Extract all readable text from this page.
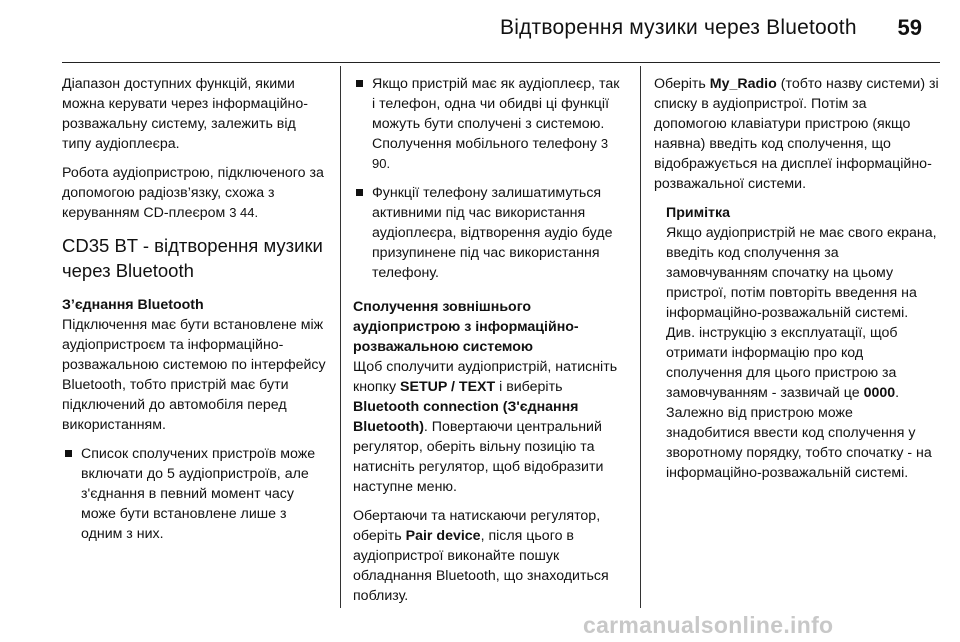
Відтворення музики через Bluetooth 59

Діапазон доступних функцій, якими можна керувати через інформаційно-розважальну систему, залежить від типу аудіоплеєра.

Робота аудіопристрою, підключеного за допомогою радіозв’язку, схожа з керуванням CD-плеєром 3 44.

CD35 BT - відтворення музики через Bluetooth

З’єднання Bluetooth
Підключення має бути встановлене між аудіопристроєм та інформаційно-розважальною системою по інтерфейсу Bluetooth, тобто пристрій має бути підключений до автомобіля перед використанням.

Список сполучених пристроїв може включати до 5 аудіопристроїв, але з'єднання в певний момент часу може бути встановлене лише з одним з них.

Якщо пристрій має як аудіоплеєр, так і телефон, одна чи обидві ці функції можуть бути сполучені з системою. Сполучення мобільного телефону 3 90.

Функції телефону залишатимуться активними під час використання аудіоплеєра, відтворення аудіо буде призупинене під час використання телефону.

Сполучення зовнішнього аудіопристрою з інформаційно-розважальною системою
Щоб сполучити аудіопристрій, натисніть кнопку SETUP / TEXT і виберіть Bluetooth connection (З'єднання Bluetooth). Повертаючи центральний регулятор, оберіть вільну позицію та натисніть регулятор, щоб відобразити наступне меню.

Обертаючи та натискаючи регулятор, оберіть Pair device, після цього в аудіопристрої виконайте пошук обладнання Bluetooth, що знаходиться поблизу.

Оберіть My_Radio (тобто назву системи) зі списку в аудіопристрої. Потім за допомогою клавіатури пристрою (якщо наявна) введіть код сполучення, що відображується на дисплеї інформаційно-розважальної системи.

Примітка
Якщо аудіопристрій не має свого екрана, введіть код сполучення за замовчуванням спочатку на цьому пристрої, потім повторіть введення на інформаційно-розважальній системі. Див. інструкцію з експлуатації, щоб отримати інформацію про код сполучення для цього пристрою за замовчуванням - зазвичай це 0000. Залежно від пристрою може знадобитися ввести код сполучення у зворотному порядку, тобто спочатку - на інформаційно-розважальній системі.
carmanualsonline.info
